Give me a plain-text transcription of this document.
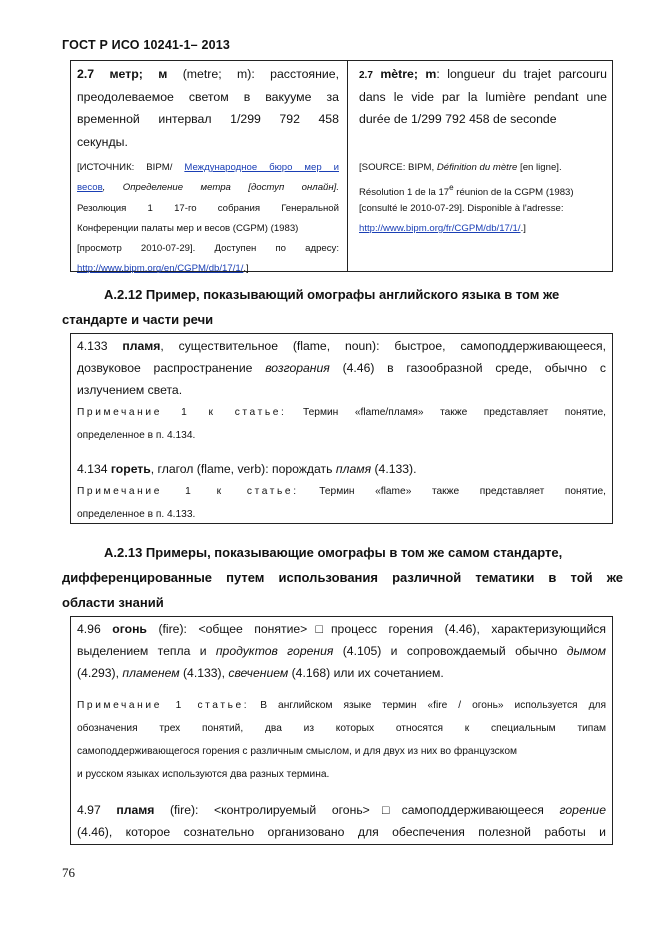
ГОСТ Р ИСО 10241-1– 2013
2.7 метр; м (metre; m): расстояние,
преодолеваемое светом в вакууме за
временной интервал 1/299 792 458
секунды.
[ИСТОЧНИК: BIPM/ Международное бюро мер и
весов, Определение метра [доступ онлайн].
Резолюция 1 17-го собрания Генеральной
Конференции палаты мер и весов (CGPM) (1983)
[просмотр 2010-07-29]. Доступен по адресу:
http://www.bipm.org/en/CGPM/db/17/1/.]
2.7 mètre; m: longueur du trajet parcouru
dans le vide par la lumière pendant une
durée de 1/299 792 458 de seconde
[SOURCE: BIPM, Définition du mètre [en ligne].
Résolution 1 de la 17e réunion de la CGPM (1983)
[consulté le 2010-07-29]. Disponible à l'adresse:
http://www.bipm.org/fr/CGPM/db/17/1/.]
А.2.12 Пример, показывающий омографы английского языка в том же
стандарте и части речи
4.133 пламя, существительное (flame, noun): быстрое, самоподдерживающееся,
дозвуковое распространение возгорания (4.46) в газообразной среде, обычно с
излучением света.
Примечание 1 к статье: Термин «flame/пламя» также представляет понятие,
определенное в п. 4.134.
4.134 гореть, глагол (flame, verb): порождать пламя (4.133).
Примечание 1 к статье: Термин «flame» также представляет понятие,
определенное в п. 4.133.
А.2.13 Примеры, показывающие омографы в том же самом стандарте,
дифференцированные путем использования различной тематики в той же
области знаний
4.96 огонь (fire): <общее понятие>□процесс горения (4.46), характеризующийся
выделением тепла и продуктов горения (4.105) и сопровождаемый обычно дымом
(4.293), пламенем (4.133), свечением (4.168) или их сочетанием.
Примечание 1 статье: В английском языке термин «fire / огонь» используется для
обозначения трех понятий, два из которых относятся к специальным типам
самоподдерживающегося горения с различным смыслом, и для двух из них во французском
и русском языках используются два разных термина.
4.97 пламя (fire): <контролируемый огонь>□самоподдерживающееся горение
(4.46), которое сознательно организовано для обеспечения полезной работы и
76
